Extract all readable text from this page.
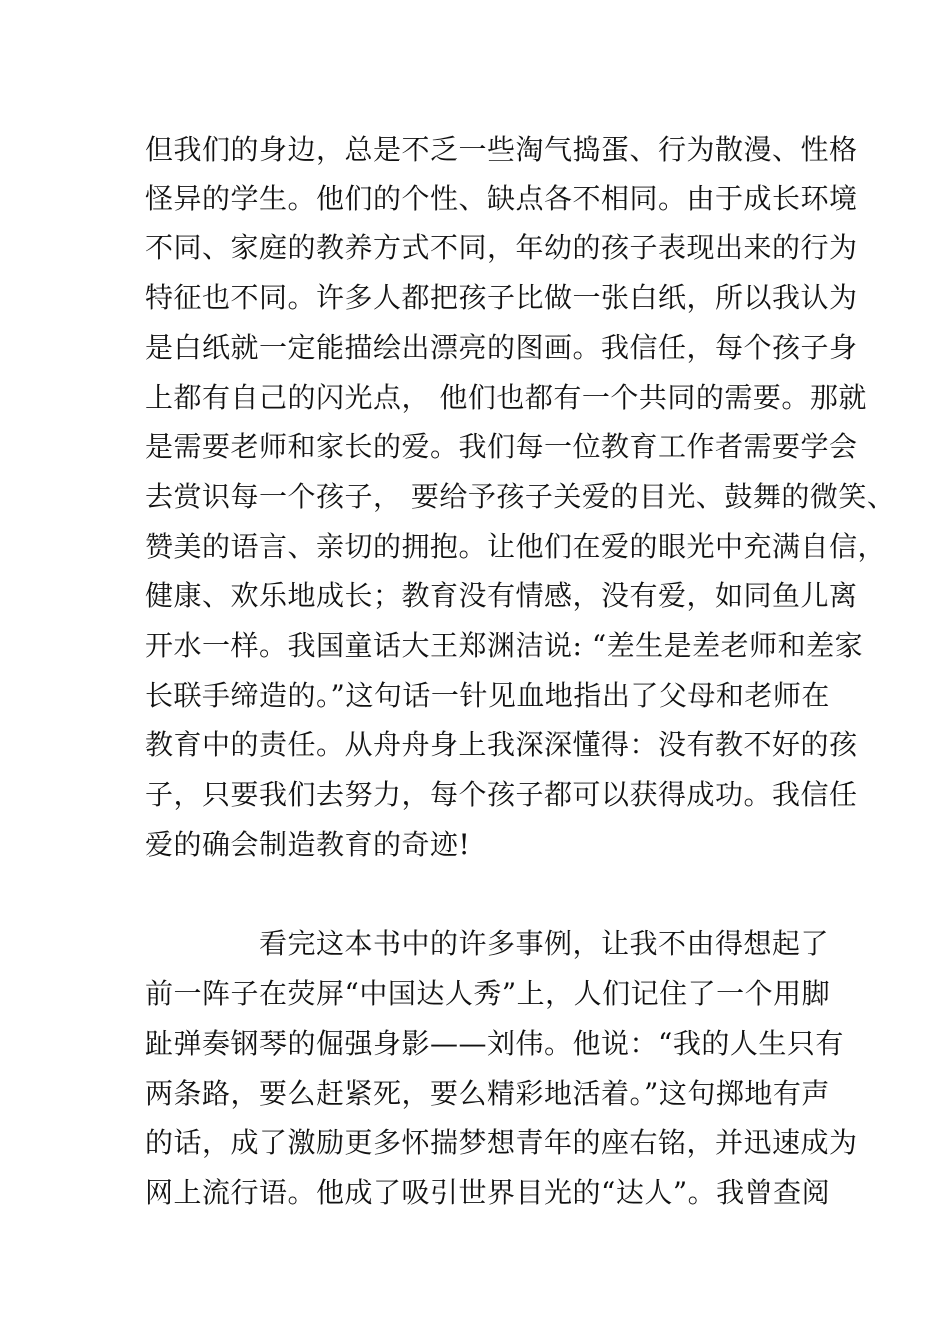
但我们的身边，总是不乏一些淘气捣蛋、行为散漫、性格
怪异的学生。他们的个性、缺点各不相同。由于成长环境
不同、家庭的教养方式不同，年幼的孩子表现出来的行为
特征也不同。许多人都把孩子比做一张白纸，所以我认为
是白纸就一定能描绘出漂亮的图画。我信任，每个孩子身
上都有自己的闪光点， 他们也都有一个共同的需要。那就
是需要老师和家长的爱。我们每一位教育工作者需要学会
去赏识每一个孩子， 要给予孩子关爱的目光、鼓舞的微笑、
赞美的语言、亲切的拥抱。让他们在爱的眼光中充满自信，
健康、欢乐地成长；教育没有情感，没有爱，如同鱼儿离
开水一样。我国童话大王郑渊洁说: “差生是差老师和差家
长联手缔造的。”这句话一针见血地指出了父母和老师在
教育中的责任。从舟舟身上我深深懂得：没有教不好的孩
子，只要我们去努力，每个孩子都可以获得成功。我信任
爱的确会制造教育的奇迹!
看完这本书中的许多事例，让我不由得想起了
前一阵子在荧屏“中国达人秀”上，人们记住了一个用脚
趾弹奏钢琴的倔强身影——刘伟。他说：“我的人生只有
两条路，要么赶紧死，要么精彩地活着。”这句掷地有声
的话，成了激励更多怀揣梦想青年的座右铭，并迅速成为
网上流行语。他成了吸引世界目光的“达人”。我曾查阅
